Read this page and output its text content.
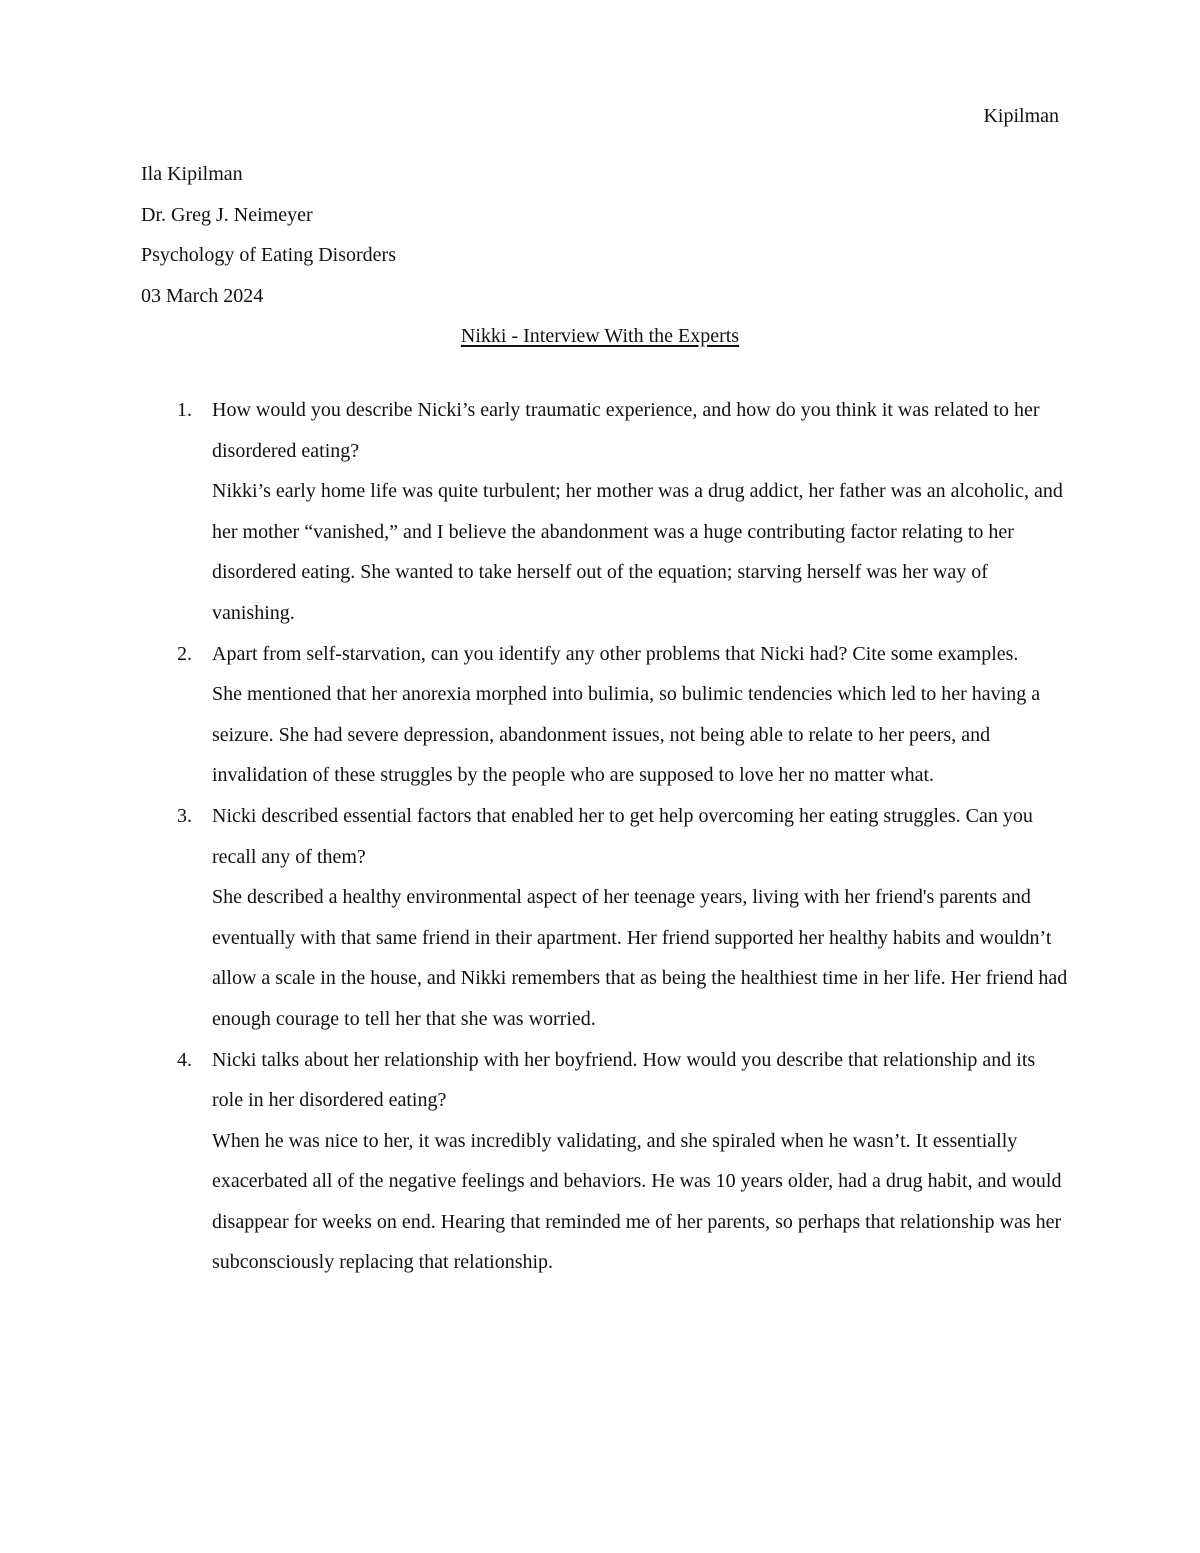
Kipilman
Ila Kipilman
Dr. Greg J. Neimeyer
Psychology of Eating Disorders
03 March 2024
Nikki - Interview With the Experts
1. How would you describe Nicki’s early traumatic experience, and how do you think it was related to her disordered eating?
Nikki’s early home life was quite turbulent; her mother was a drug addict, her father was an alcoholic, and her mother “vanished,” and I believe the abandonment was a huge contributing factor relating to her disordered eating. She wanted to take herself out of the equation; starving herself was her way of vanishing.
2. Apart from self-starvation, can you identify any other problems that Nicki had? Cite some examples.
She mentioned that her anorexia morphed into bulimia, so bulimic tendencies which led to her having a seizure. She had severe depression, abandonment issues, not being able to relate to her peers, and invalidation of these struggles by the people who are supposed to love her no matter what.
3. Nicki described essential factors that enabled her to get help overcoming her eating struggles. Can you recall any of them?
She described a healthy environmental aspect of her teenage years, living with her friend's parents and eventually with that same friend in their apartment. Her friend supported her healthy habits and wouldn’t allow a scale in the house, and Nikki remembers that as being the healthiest time in her life. Her friend had enough courage to tell her that she was worried.
4. Nicki talks about her relationship with her boyfriend. How would you describe that relationship and its role in her disordered eating?
When he was nice to her, it was incredibly validating, and she spiraled when he wasn’t. It essentially exacerbated all of the negative feelings and behaviors. He was 10 years older, had a drug habit, and would disappear for weeks on end. Hearing that reminded me of her parents, so perhaps that relationship was her subconsciously replacing that relationship.
